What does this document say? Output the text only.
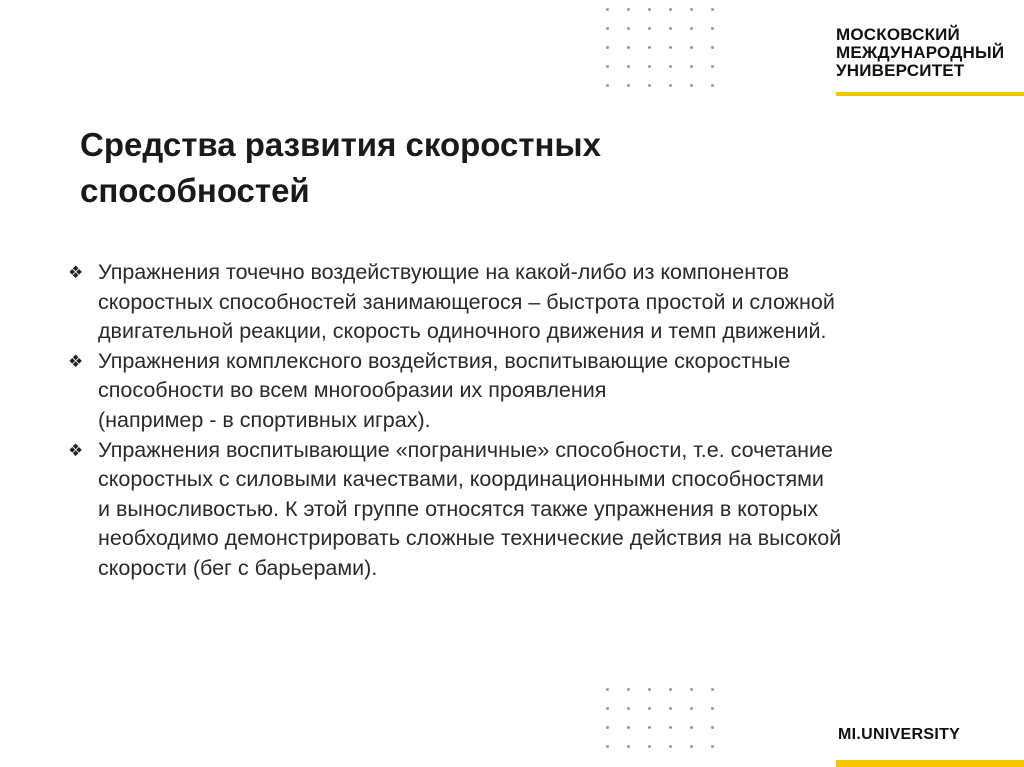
МОСКОВСКИЙ
МЕЖДУНАРОДНЫЙ
УНИВЕРСИТЕТ
Средства развития скоростных
способностей
❖ Упражнения точечно воздействующие на какой-либо из компонентов
скоростных способностей занимающегося – быстрота простой и сложной
двигательной реакции, скорость одиночного движения и темп движений.
❖ Упражнения комплексного воздействия, воспитывающие скоростные
способности во всем многообразии их проявления
(например - в спортивных играх).
❖ Упражнения воспитывающие «пограничные» способности, т.е. сочетание
скоростных с силовыми качествами, координационными способностями
и выносливостью. К этой группе относятся также упражнения в которых
необходимо демонстрировать сложные технические действия на высокой
скорости (бег с барьерами).
MI.UNIVERSITY
